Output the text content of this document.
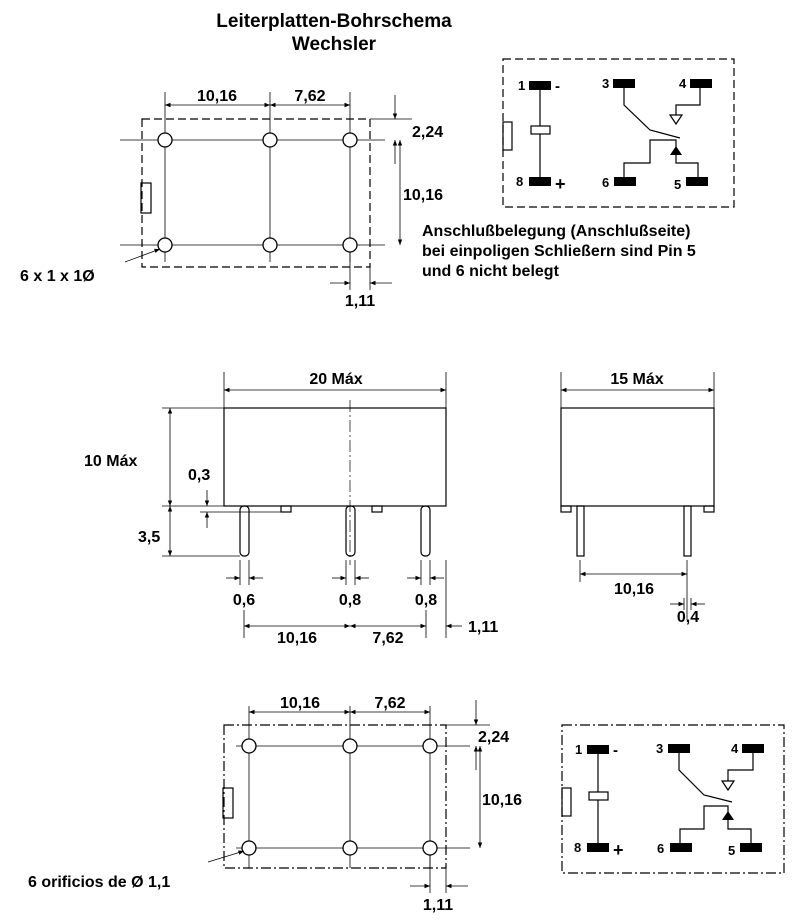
Leiterplatten-Bohrschema
Wechsler
10,16	7,62
2,24
10,16
1,11
6 x 1 x 1Ø
1 -
8 +
3	4
6	5
Anschlußbelegung (Anschlußseite)
bei einpoligen Schließern sind Pin 5
und 6 nicht belegt
20 Máx
10 Máx
0,3
3,5
0,6	0,8	0,8
10,16	7,62
1,11
15 Máx
10,16
0,4
10,16	7,62
2,24
10,16
1,11
6 orificios de Ø 1,1
1 -
8 +
3	4
6	5
